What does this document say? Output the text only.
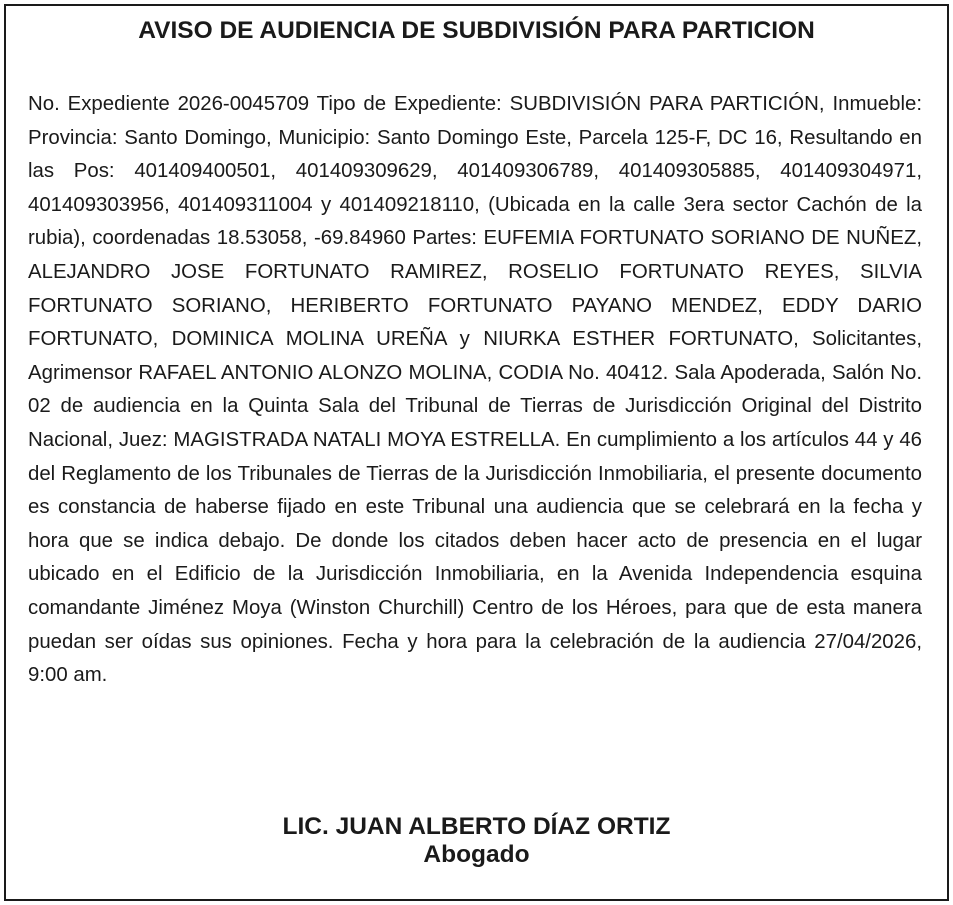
AVISO DE AUDIENCIA DE SUBDIVISIÓN PARA PARTICION

No. Expediente 2026-0045709 Tipo de Expediente: SUBDIVISIÓN PARA PARTICIÓN, Inmueble: Provincia: Santo Domingo, Municipio: Santo Domingo Este, Parcela 125-F, DC 16, Resultando en las Pos: 401409400501, 401409309629, 401409306789, 401409305885, 401409304971, 401409303956, 401409311004 y 401409218110, (Ubicada en la calle 3era sector Cachón de la rubia), coordenadas 18.53058, -69.84960 Partes: EUFEMIA FORTUNATO SORIANO DE NUÑEZ, ALEJANDRO JOSE FORTUNATO RAMIREZ, ROSELIO FORTUNATO REYES, SILVIA FORTUNATO SORIANO, HERIBERTO FORTUNATO PAYANO MENDEZ, EDDY DARIO FORTUNATO, DOMINICA MOLINA UREÑA y NIURKA ESTHER FORTUNATO, Solicitantes, Agrimensor RAFAEL ANTONIO ALONZO MOLINA, CODIA No. 40412. Sala Apoderada, Salón No. 02 de audiencia en la Quinta Sala del Tribunal de Tierras de Jurisdicción Original del Distrito Nacional, Juez: MAGISTRADA NATALI MOYA ESTRELLA. En cumplimiento a los artículos 44 y 46 del Reglamento de los Tribunales de Tierras de la Jurisdicción Inmobiliaria, el presente documento es constancia de haberse fijado en este Tribunal una audiencia que se celebrará en la fecha y hora que se indica debajo. De donde los citados deben hacer acto de presencia en el lugar ubicado en el Edificio de la Jurisdicción Inmobiliaria, en la Avenida Independencia esquina comandante Jiménez Moya (Winston Churchill) Centro de los Héroes, para que de esta manera puedan ser oídas sus opiniones. Fecha y hora para la celebración de la audiencia 27/04/2026, 9:00 am.

LIC. JUAN ALBERTO DÍAZ ORTIZ
Abogado
